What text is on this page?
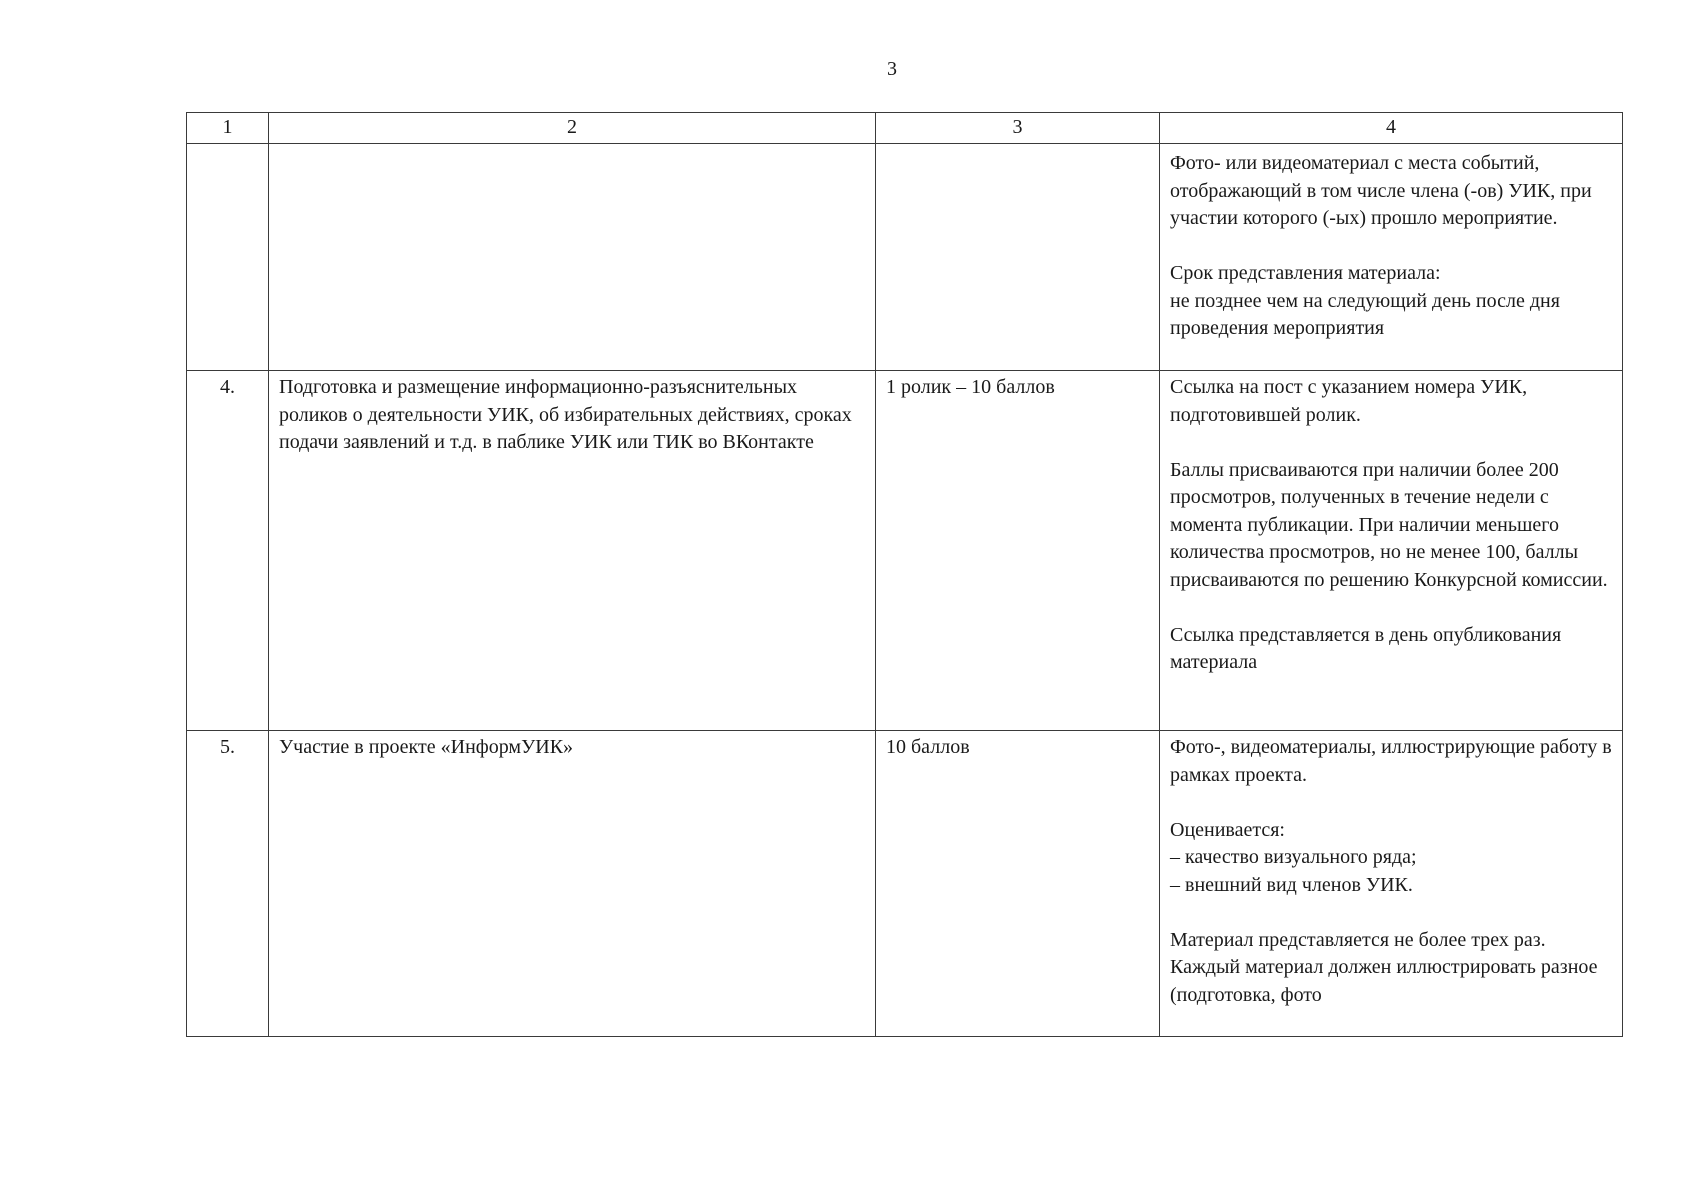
3
1	2	3	4

			Фото- или видеоматериал с места событий, отображающий в том числе члена (-ов) УИК, при участии которого (-ых) прошло мероприятие.

Срок представления материала:
не позднее чем на следующий день после дня проведения мероприятия

4.	Подготовка и размещение информационно-разъяснительных роликов о деятельности УИК, об избирательных действиях, сроках подачи заявлений и т.д. в паблике УИК или ТИК во ВКонтакте	1 ролик – 10 баллов	Ссылка на пост с указанием номера УИК, подготовившей ролик.

Баллы присваиваются при наличии более 200 просмотров, полученных в течение недели с момента публикации. При наличии меньшего количества просмотров, но не менее 100, баллы присваиваются по решению Конкурсной комиссии.

Ссылка представляется в день опубликования материала

5.	Участие в проекте «ИнформУИК»	10 баллов	Фото-, видеоматериалы, иллюстрирующие работу в рамках проекта.

Оценивается:
– качество визуального ряда;
– внешний вид членов УИК.

Материал представляется не более трех раз. Каждый материал должен иллюстрировать разное (подготовка, фото
